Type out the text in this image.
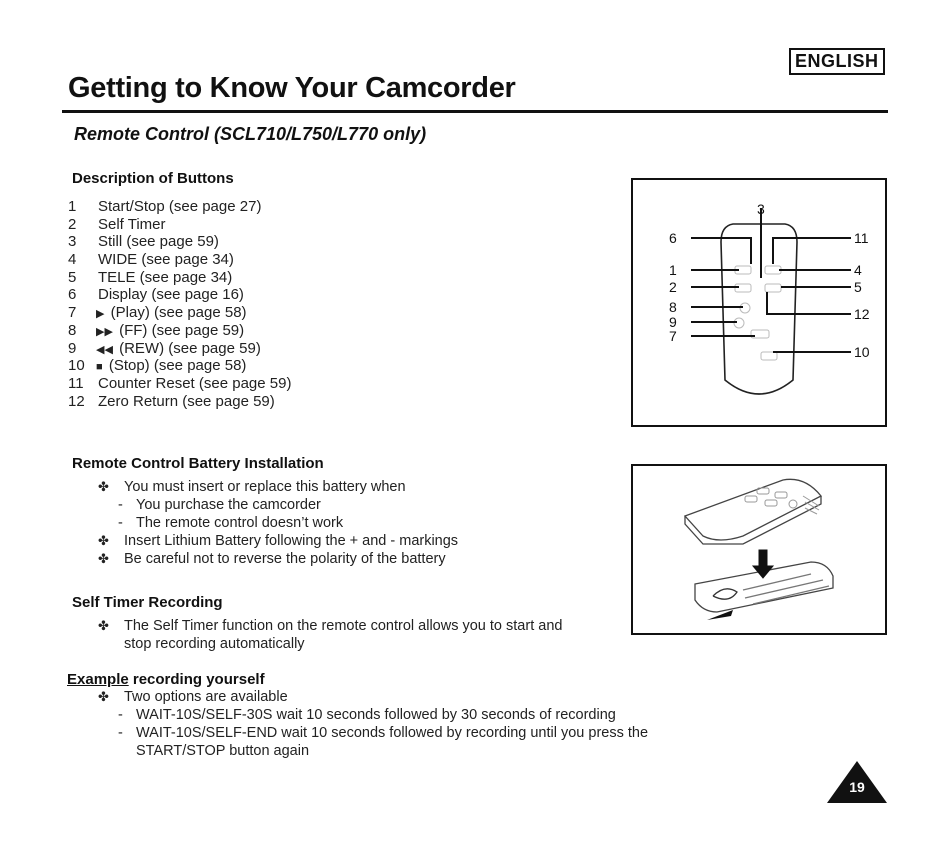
ENGLISH
Getting to Know Your Camcorder
Remote Control (SCL710/L750/L770 only)
Description of Buttons
1 Start/Stop (see page 27)
2 Self Timer
3 Still (see page 59)
4 WIDE (see page 34)
5 TELE (see page 34)
6 Display (see page 16)
7 ▶ (Play) (see page 58)
8 ▶▶ (FF) (see page 59)
9 ◀◀ (REW) (see page 59)
10 ■ (Stop) (see page 58)
11 Counter Reset (see page 59)
12 Zero Return (see page 59)
3
6
1
2
8
9
7
11
4
5
12
10
Remote Control Battery Installation
✤ You must insert or replace this battery when
- You purchase the camcorder
- The remote control doesn’t work
✤ Insert Lithium Battery following the + and - markings
✤ Be careful not to reverse the polarity of the battery
Self Timer Recording
✤ The Self Timer function on the remote control allows you to start and
stop recording automatically
Example recording yourself
✤ Two options are available
- WAIT-10S/SELF-30S wait 10 seconds followed by 30 seconds of recording
- WAIT-10S/SELF-END wait 10 seconds followed by recording until you press the
START/STOP button again
19
